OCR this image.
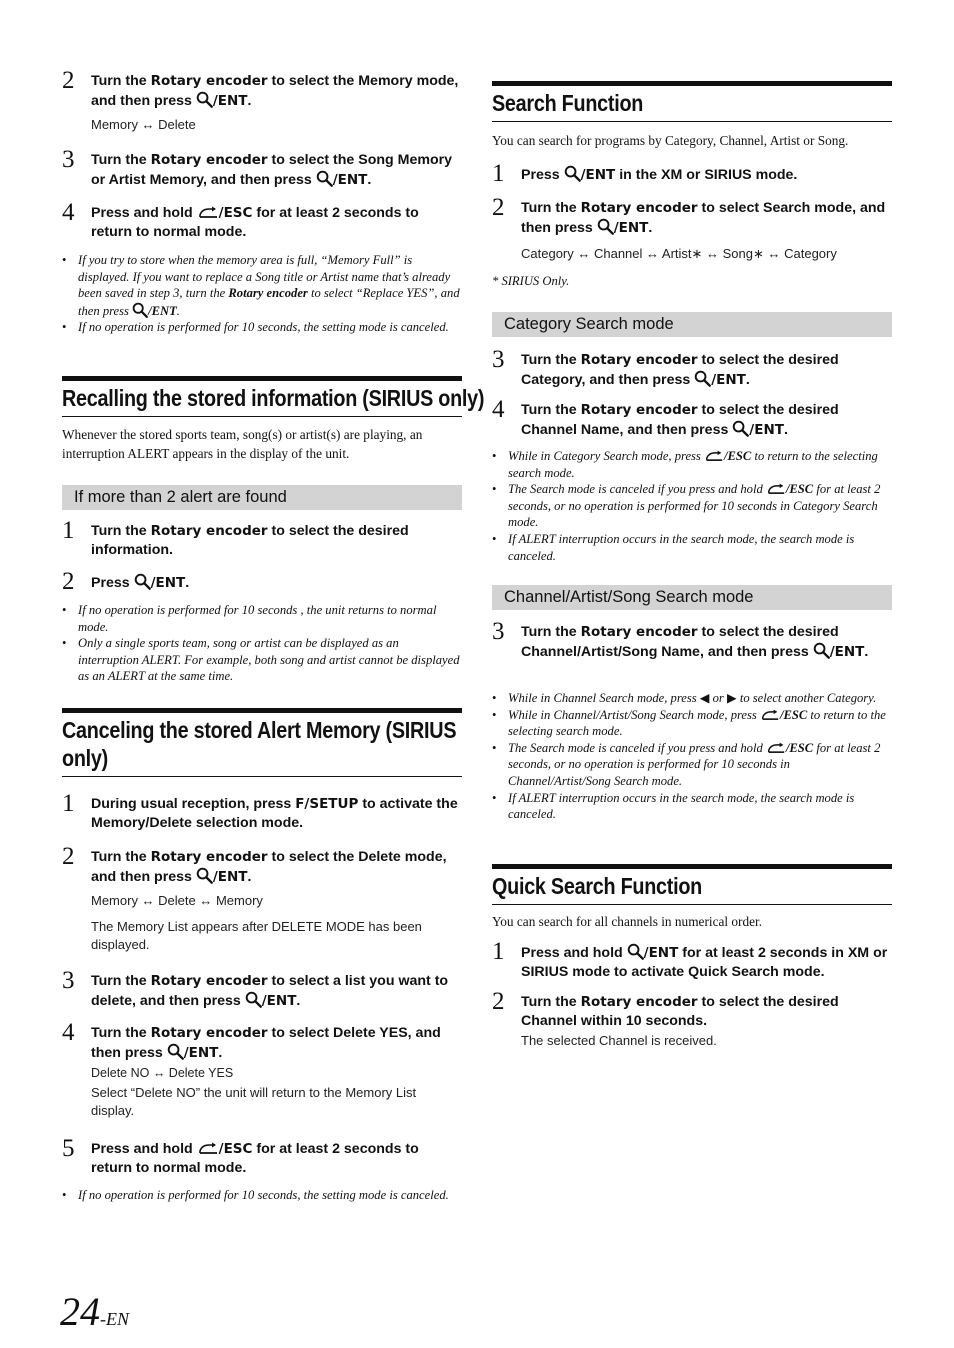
2 Turn the Rotary encoder to select the Memory mode, and then press /ENT.
Memory ↔ Delete
3 Turn the Rotary encoder to select the Song Memory or Artist Memory, and then press /ENT.
4 Press and hold /ESC for at least 2 seconds to return to normal mode.
• If you try to store when the memory area is full, “Memory Full” is displayed. If you want to replace a Song title or Artist name that’s already been saved in step 3, turn the Rotary encoder to select “Replace YES”, and then press /ENT.
• If no operation is performed for 10 seconds, the setting mode is canceled.
Recalling the stored information (SIRIUS only)
Whenever the stored sports team, song(s) or artist(s) are playing, an interruption ALERT appears in the display of the unit.
If more than 2 alert are found
1 Turn the Rotary encoder to select the desired information.
2 Press /ENT.
• If no operation is performed for 10 seconds , the unit returns to normal mode.
• Only a single sports team, song or artist can be displayed as an interruption ALERT. For example, both song and artist cannot be displayed as an ALERT at the same time.
Canceling the stored Alert Memory (SIRIUS only)
1 During usual reception, press F/SETUP to activate the Memory/Delete selection mode.
2 Turn the Rotary encoder to select the Delete mode, and then press /ENT.
Memory ↔ Delete ↔ Memory
The Memory List appears after DELETE MODE has been displayed.
3 Turn the Rotary encoder to select a list you want to delete, and then press /ENT.
4 Turn the Rotary encoder to select Delete YES, and then press /ENT.
Delete NO ↔ Delete YES
Select “Delete NO” the unit will return to the Memory List display.
5 Press and hold /ESC for at least 2 seconds to return to normal mode.
• If no operation is performed for 10 seconds, the setting mode is canceled.
Search Function
You can search for programs by Category, Channel, Artist or Song.
1 Press /ENT in the XM or SIRIUS mode.
2 Turn the Rotary encoder to select Search mode, and then press /ENT.
Category ↔ Channel ↔ Artist∗ ↔ Song∗ ↔ Category
* SIRIUS Only.
Category Search mode
3 Turn the Rotary encoder to select the desired Category, and then press /ENT.
4 Turn the Rotary encoder to select the desired Channel Name, and then press /ENT.
• While in Category Search mode, press /ESC to return to the selecting search mode.
• The Search mode is canceled if you press and hold /ESC for at least 2 seconds, or no operation is performed for 10 seconds in Category Search mode.
• If ALERT interruption occurs in the search mode, the search mode is canceled.
Channel/Artist/Song Search mode
3 Turn the Rotary encoder to select the desired Channel/Artist/Song Name, and then press /ENT.
• While in Channel Search mode, press ◀ or ▶ to select another Category.
• While in Channel/Artist/Song Search mode, press /ESC to return to the selecting search mode.
• The Search mode is canceled if you press and hold /ESC for at least 2 seconds, or no operation is performed for 10 seconds in Channel/Artist/Song Search mode.
• If ALERT interruption occurs in the search mode, the search mode is canceled.
Quick Search Function
You can search for all channels in numerical order.
1 Press and hold /ENT for at least 2 seconds in XM or SIRIUS mode to activate Quick Search mode.
2 Turn the Rotary encoder to select the desired Channel within 10 seconds.
The selected Channel is received.
24-EN
